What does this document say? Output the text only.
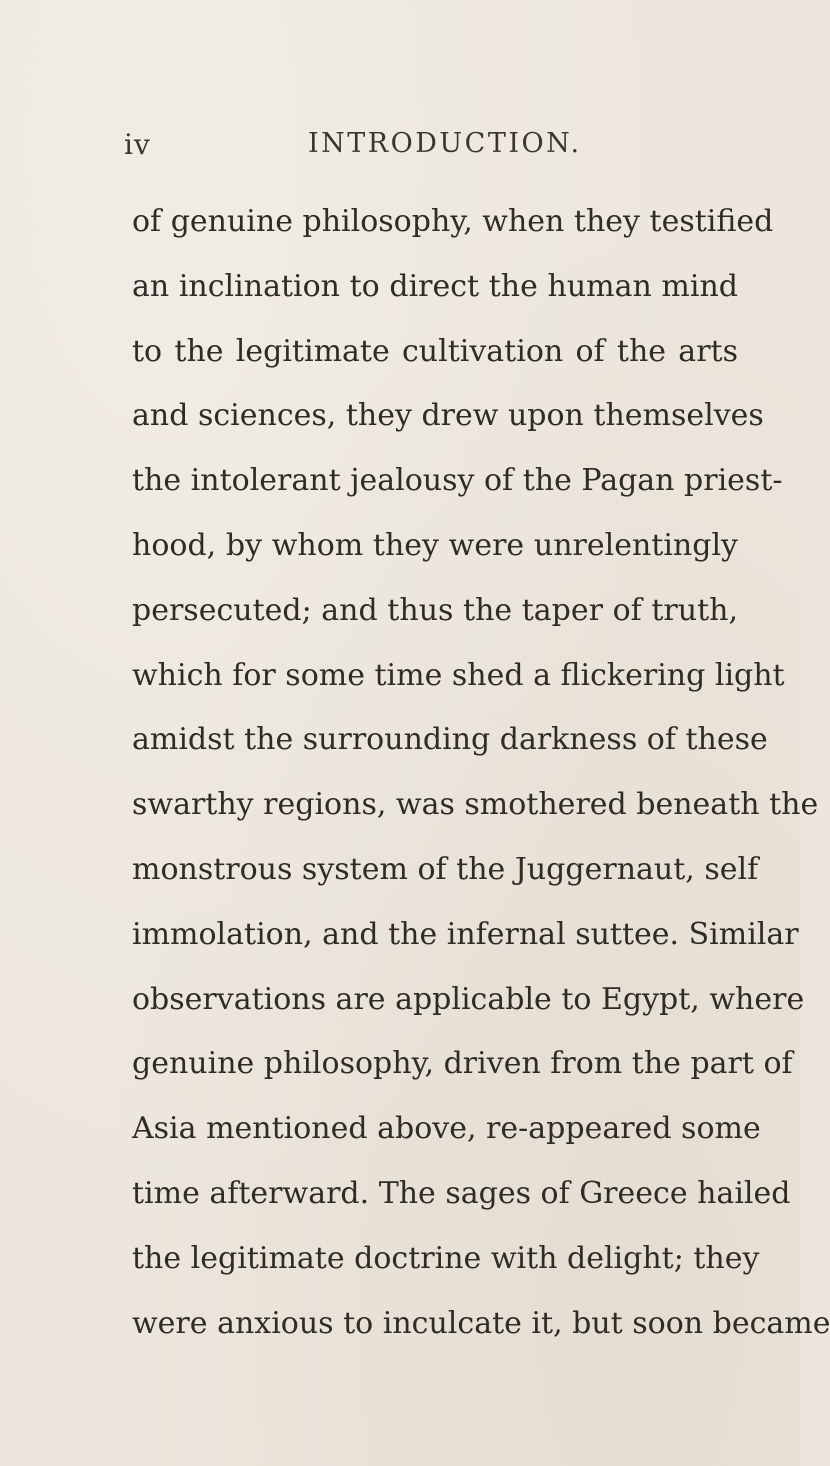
iv	INTRODUCTION.
of genuine philosophy, when they testified
an inclination to direct the human mind
to the legitimate cultivation of the arts
and sciences, they drew upon themselves
the intolerant jealousy of the Pagan priest-
hood, by whom they were unrelentingly
persecuted; and thus the taper of truth,
which for some time shed a flickering light
amidst the surrounding darkness of these
swarthy regions, was smothered beneath the
monstrous system of the Juggernaut, self
immolation, and the infernal suttee. Similar
observations are applicable to Egypt, where
genuine philosophy, driven from the part of
Asia mentioned above, re-appeared some
time afterward. The sages of Greece hailed
the legitimate doctrine with delight; they
were anxious to inculcate it, but soon became
